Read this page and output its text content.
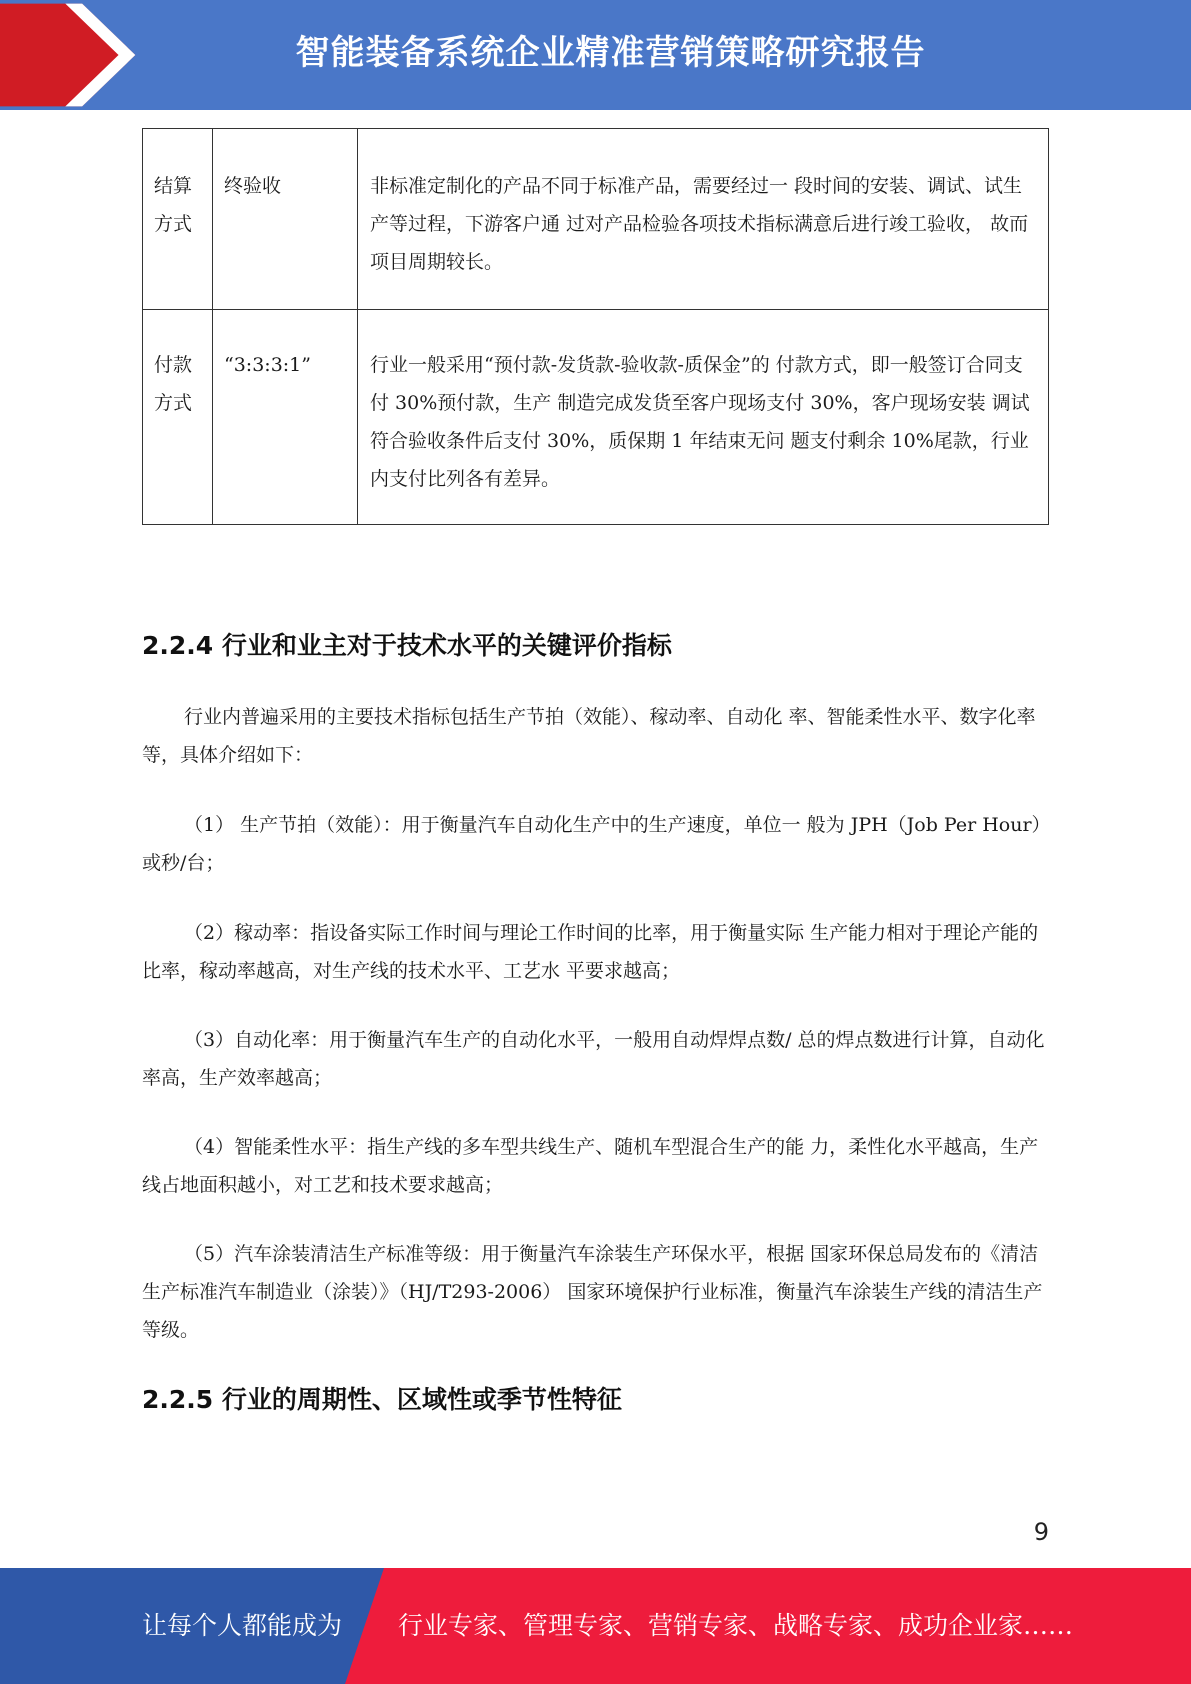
智能装备系统企业精准营销策略研究报告
结算方式	终验收	非标准定制化的产品不同于标准产品，需要经过一 段时间的安装、调试、试生产等过程，下游客户通 过对产品检验各项技术指标满意后进行竣工验收， 故而项目周期较长。
付款方式	“3:3:3:1”	行业一般采用“预付款-发货款-验收款-质保金”的 付款方式，即一般签订合同支付 30%预付款，生产 制造完成发货至客户现场支付 30%，客户现场安装 调试符合验收条件后支付 30%，质保期 1 年结束无问 题支付剩余 10%尾款，行业内支付比列各有差异。
2.2.4 行业和业主对于技术水平的关键评价指标
行业内普遍采用的主要技术指标包括生产节拍（效能）、稼动率、自动化 率、智能柔性水平、数字化率等，具体介绍如下：
（1） 生产节拍（效能）：用于衡量汽车自动化生产中的生产速度，单位一 般为 JPH（Job Per Hour）或秒/台；
（2）稼动率：指设备实际工作时间与理论工作时间的比率，用于衡量实际 生产能力相对于理论产能的比率，稼动率越高，对生产线的技术水平、工艺水 平要求越高；
（3）自动化率：用于衡量汽车生产的自动化水平，一般用自动焊焊点数/ 总的焊点数进行计算，自动化率高，生产效率越高；
（4）智能柔性水平：指生产线的多车型共线生产、随机车型混合生产的能 力，柔性化水平越高，生产线占地面积越小，对工艺和技术要求越高；
（5）汽车涂装清洁生产标准等级：用于衡量汽车涂装生产环保水平，根据 国家环保总局发布的《清洁生产标准汽车制造业（涂装）》（HJ/T293-2006） 国家环境保护行业标准，衡量汽车涂装生产线的清洁生产等级。
2.2.5 行业的周期性、区域性或季节性特征
9
让每个人都能成为 行业专家、管理专家、营销专家、战略专家、成功企业家……
